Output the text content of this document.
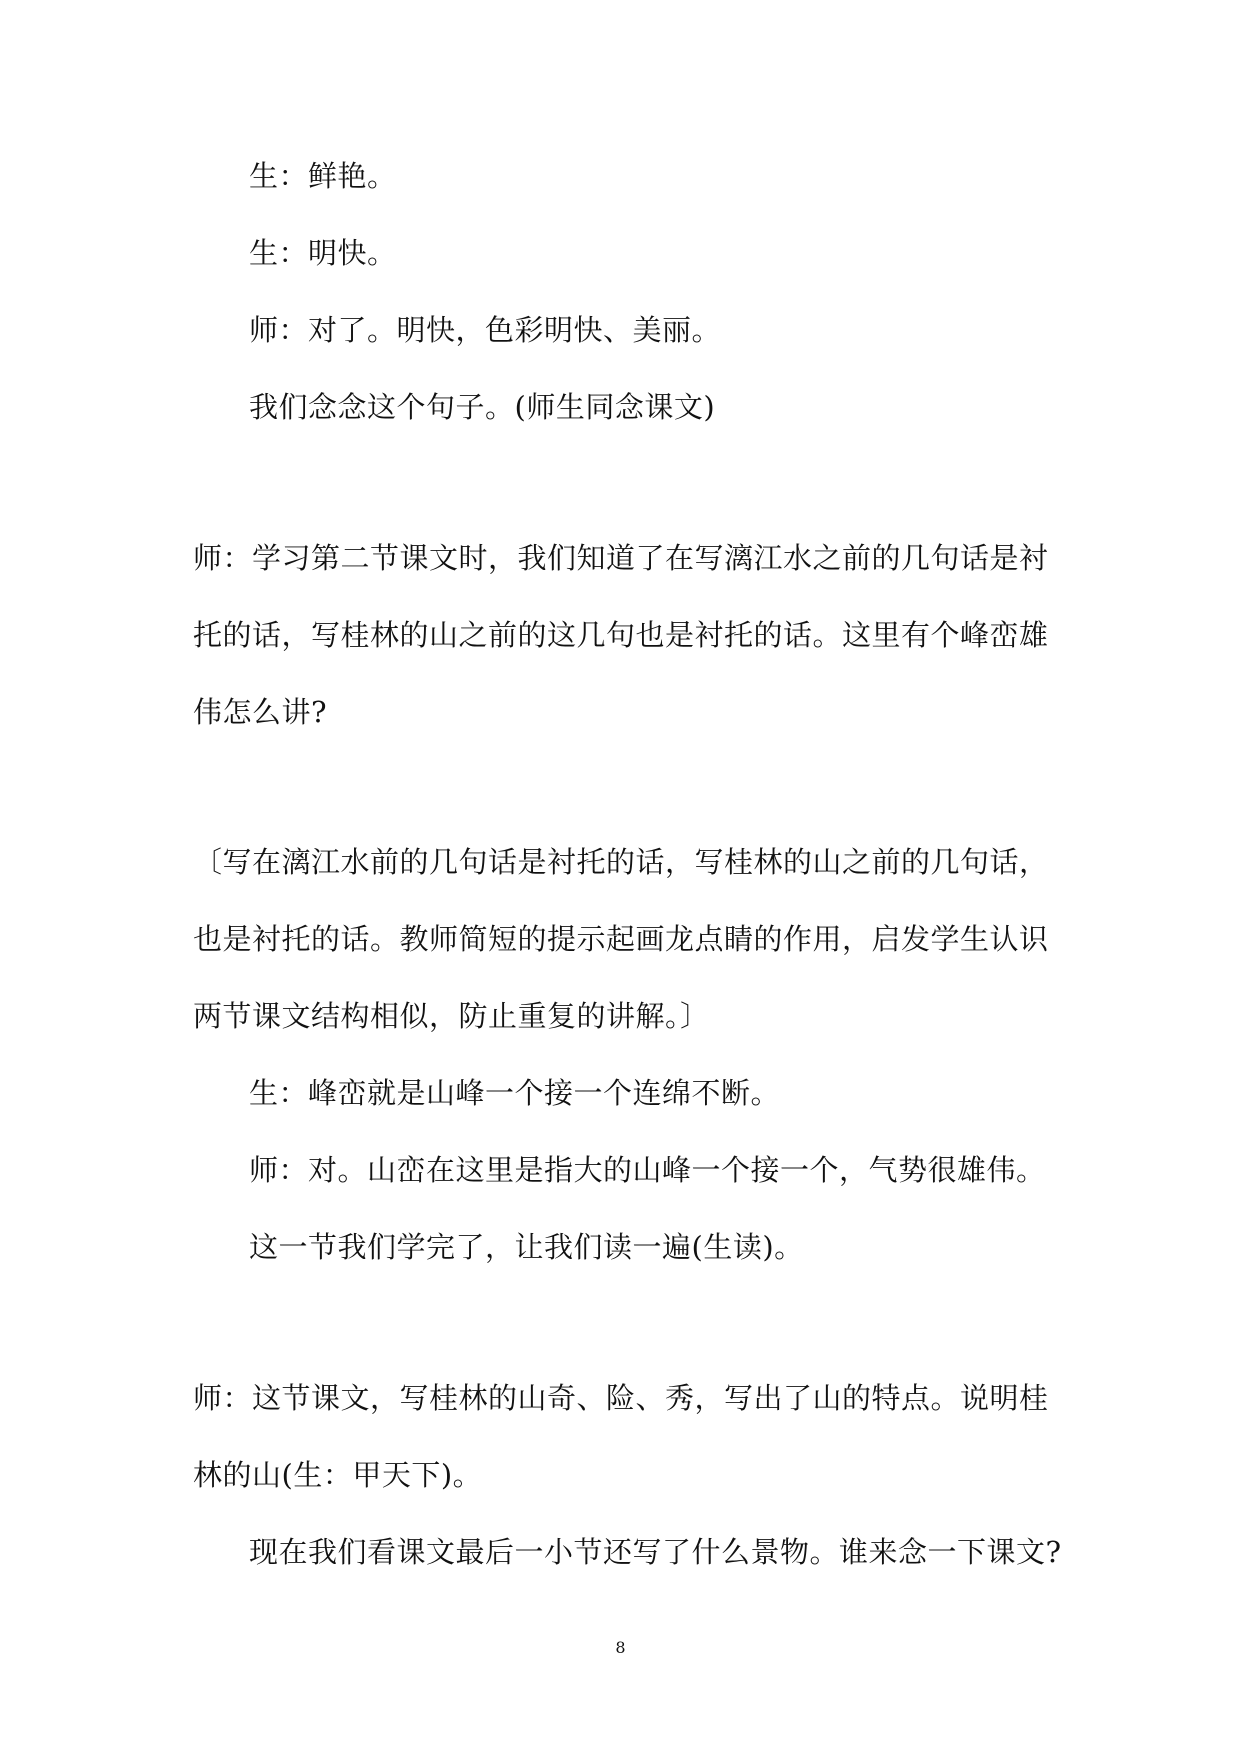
生：鲜艳。
生：明快。
师：对了。明快，色彩明快、美丽。
我们念念这个句子。(师生同念课文)
师：学习第二节课文时，我们知道了在写漓江水之前的几句话是衬
托的话，写桂林的山之前的这几句也是衬托的话。这里有个峰峦雄
伟怎么讲?
〔写在漓江水前的几句话是衬托的话，写桂林的山之前的几句话，
也是衬托的话。教师简短的提示起画龙点睛的作用，启发学生认识
两节课文结构相似，防止重复的讲解。〕
生：峰峦就是山峰一个接一个连绵不断。
师：对。山峦在这里是指大的山峰一个接一个，气势很雄伟。
这一节我们学完了，让我们读一遍(生读)。
师：这节课文，写桂林的山奇、险、秀，写出了山的特点。说明桂
林的山(生：甲天下)。
现在我们看课文最后一小节还写了什么景物。谁来念一下课文?
8
